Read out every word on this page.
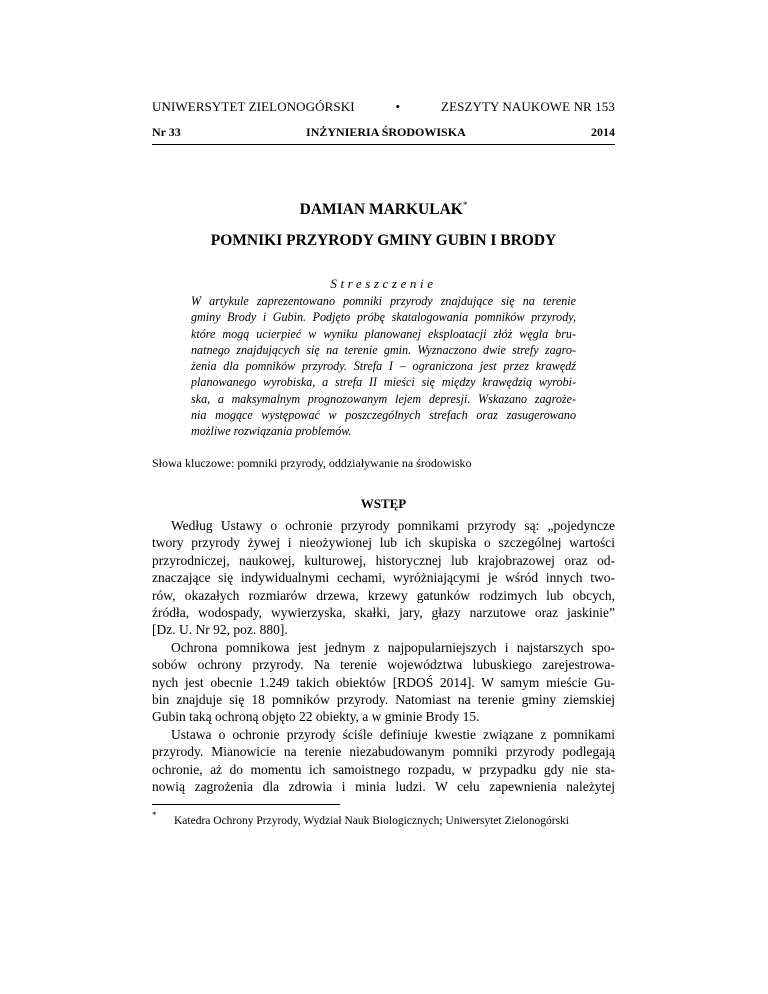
UNIWERSYTET ZIELONOGÓRSKI	•	ZESZYTY NAUKOWE NR 153
Nr 33	INŻYNIERIA ŚRODOWISKA	2014
DAMIAN MARKULAK*
POMNIKI PRZYRODY GMINY GUBIN I BRODY
Streszczenie
W artykule zaprezentowano pomniki przyrody znajdujące się na terenie
gminy Brody i Gubin. Podjęto próbę skatalogowania pomników przyrody,
które mogą ucierpieć w wyniku planowanej eksploatacji złóż węgla bru-
natnego znajdujących się na terenie gmin. Wyznaczono dwie strefy zagro-
żenia dla pomników przyrody. Strefa I – ograniczona jest przez krawędź
planowanego wyrobiska, a strefa II mieści się między krawędzią wyrobi-
ska, a maksymalnym prognozowanym lejem depresji. Wskazano zagroże-
nia mogące występować w poszczególnych strefach oraz zasugerowano
możliwe rozwiązania problemów.
Słowa kluczowe: pomniki przyrody, oddziaływanie na środowisko
WSTĘP
Według Ustawy o ochronie przyrody pomnikami przyrody są: „pojedyncze
twory przyrody żywej i nieożywionej lub ich skupiska o szczególnej wartości
przyrodniczej, naukowej, kulturowej, historycznej lub krajobrazowej oraz od-
znaczające się indywidualnymi cechami, wyróżniającymi je wśród innych two-
rów, okazałych rozmiarów drzewa, krzewy gatunków rodzimych lub obcych,
źródła, wodospady, wywierzyska, skałki, jary, głazy narzutowe oraz jaskinie”
[Dz. U. Nr 92, poz. 880].
Ochrona pomnikowa jest jednym z najpopularniejszych i najstarszych spo-
sobów ochrony przyrody. Na terenie województwa lubuskiego zarejestrowa-
nych jest obecnie 1.249 takich obiektów [RDOŚ 2014]. W samym mieście Gu-
bin znajduje się 18 pomników przyrody. Natomiast na terenie gminy ziemskiej
Gubin taką ochroną objęto 22 obiekty, a w gminie Brody 15.
Ustawa o ochronie przyrody ściśle definiuje kwestie związane z pomnikami
przyrody. Mianowicie na terenie niezabudowanym pomniki przyrody podlegają
ochronie, aż do momentu ich samoistnego rozpadu, w przypadku gdy nie sta-
nowią zagrożenia dla zdrowia i minia ludzi. W celu zapewnienia należytej
* Katedra Ochrony Przyrody, Wydział Nauk Biologicznych; Uniwersytet Zielonogórski
